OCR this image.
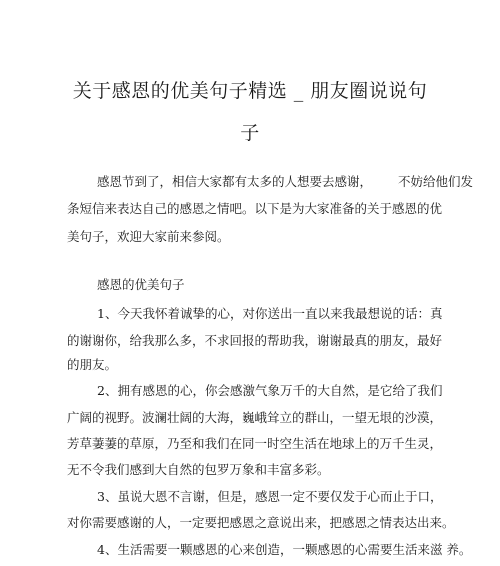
关于感恩的优美句子精选 _ 朋友圈说说句
子
感恩节到了，相信大家都有太多的人想要去感谢， 不妨给他们发
条短信来表达自己的感恩之情吧。以下是为大家准备的关于感恩的优
美句子，欢迎大家前来参阅。
感恩的优美句子
1、今天我怀着诚挚的心，对你送出一直以来我最想说的话：真
的谢谢你，给我那么多，不求回报的帮助我，谢谢最真的朋友，最好
的朋友。
2、拥有感恩的心，你会感激气象万千的大自然，是它给了我们
广阔的视野。波澜壮阔的大海，巍峨耸立的群山，一望无垠的沙漠，
芳草萋萋的草原，乃至和我们在同一时空生活在地球上的万千生灵，
无不令我们感到大自然的包罗万象和丰富多彩。
3、虽说大恩不言谢，但是，感恩一定不要仅发于心而止于口，
对你需要感谢的人，一定要把感恩之意说出来，把感恩之情表达出来。
4、生活需要一颗感恩的心来创造，一颗感恩的心需要生活来滋 养。
